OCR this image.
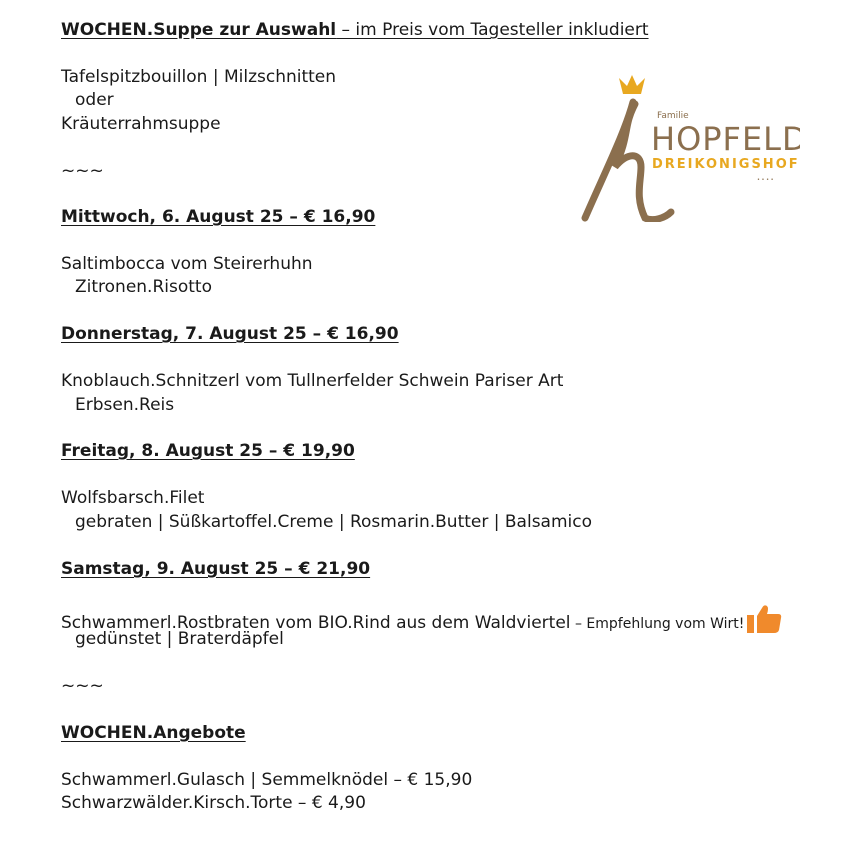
WOCHEN.Suppe zur Auswahl – im Preis vom Tagesteller inkludiert
Tafelspitzbouillon | Milzschnitten
oder
Kräuterrahmsuppe
~~~
Mittwoch, 6. August 25 – € 16,90
Saltimbocca vom Steirerhuhn
Zitronen.Risotto
Donnerstag, 7. August 25 – € 16,90
Knoblauch.Schnitzerl vom Tullnerfelder Schwein Pariser Art
Erbsen.Reis
Freitag, 8. August 25 – € 19,90
Wolfsbarsch.Filet
gebraten | Süßkartoffel.Creme | Rosmarin.Butter | Balsamico
Samstag, 9. August 25 – € 21,90
Schwammerl.Rostbraten vom BIO.Rind aus dem Waldviertel – Empfehlung vom Wirt!
gedünstet | Braterdäpfel
~~~
WOCHEN.Angebote
Schwammerl.Gulasch | Semmelknödel – € 15,90
Schwarzwälder.Kirsch.Torte – € 4,90
Familie
HOPFELD
DREIKONIGSHOF
• • • •
